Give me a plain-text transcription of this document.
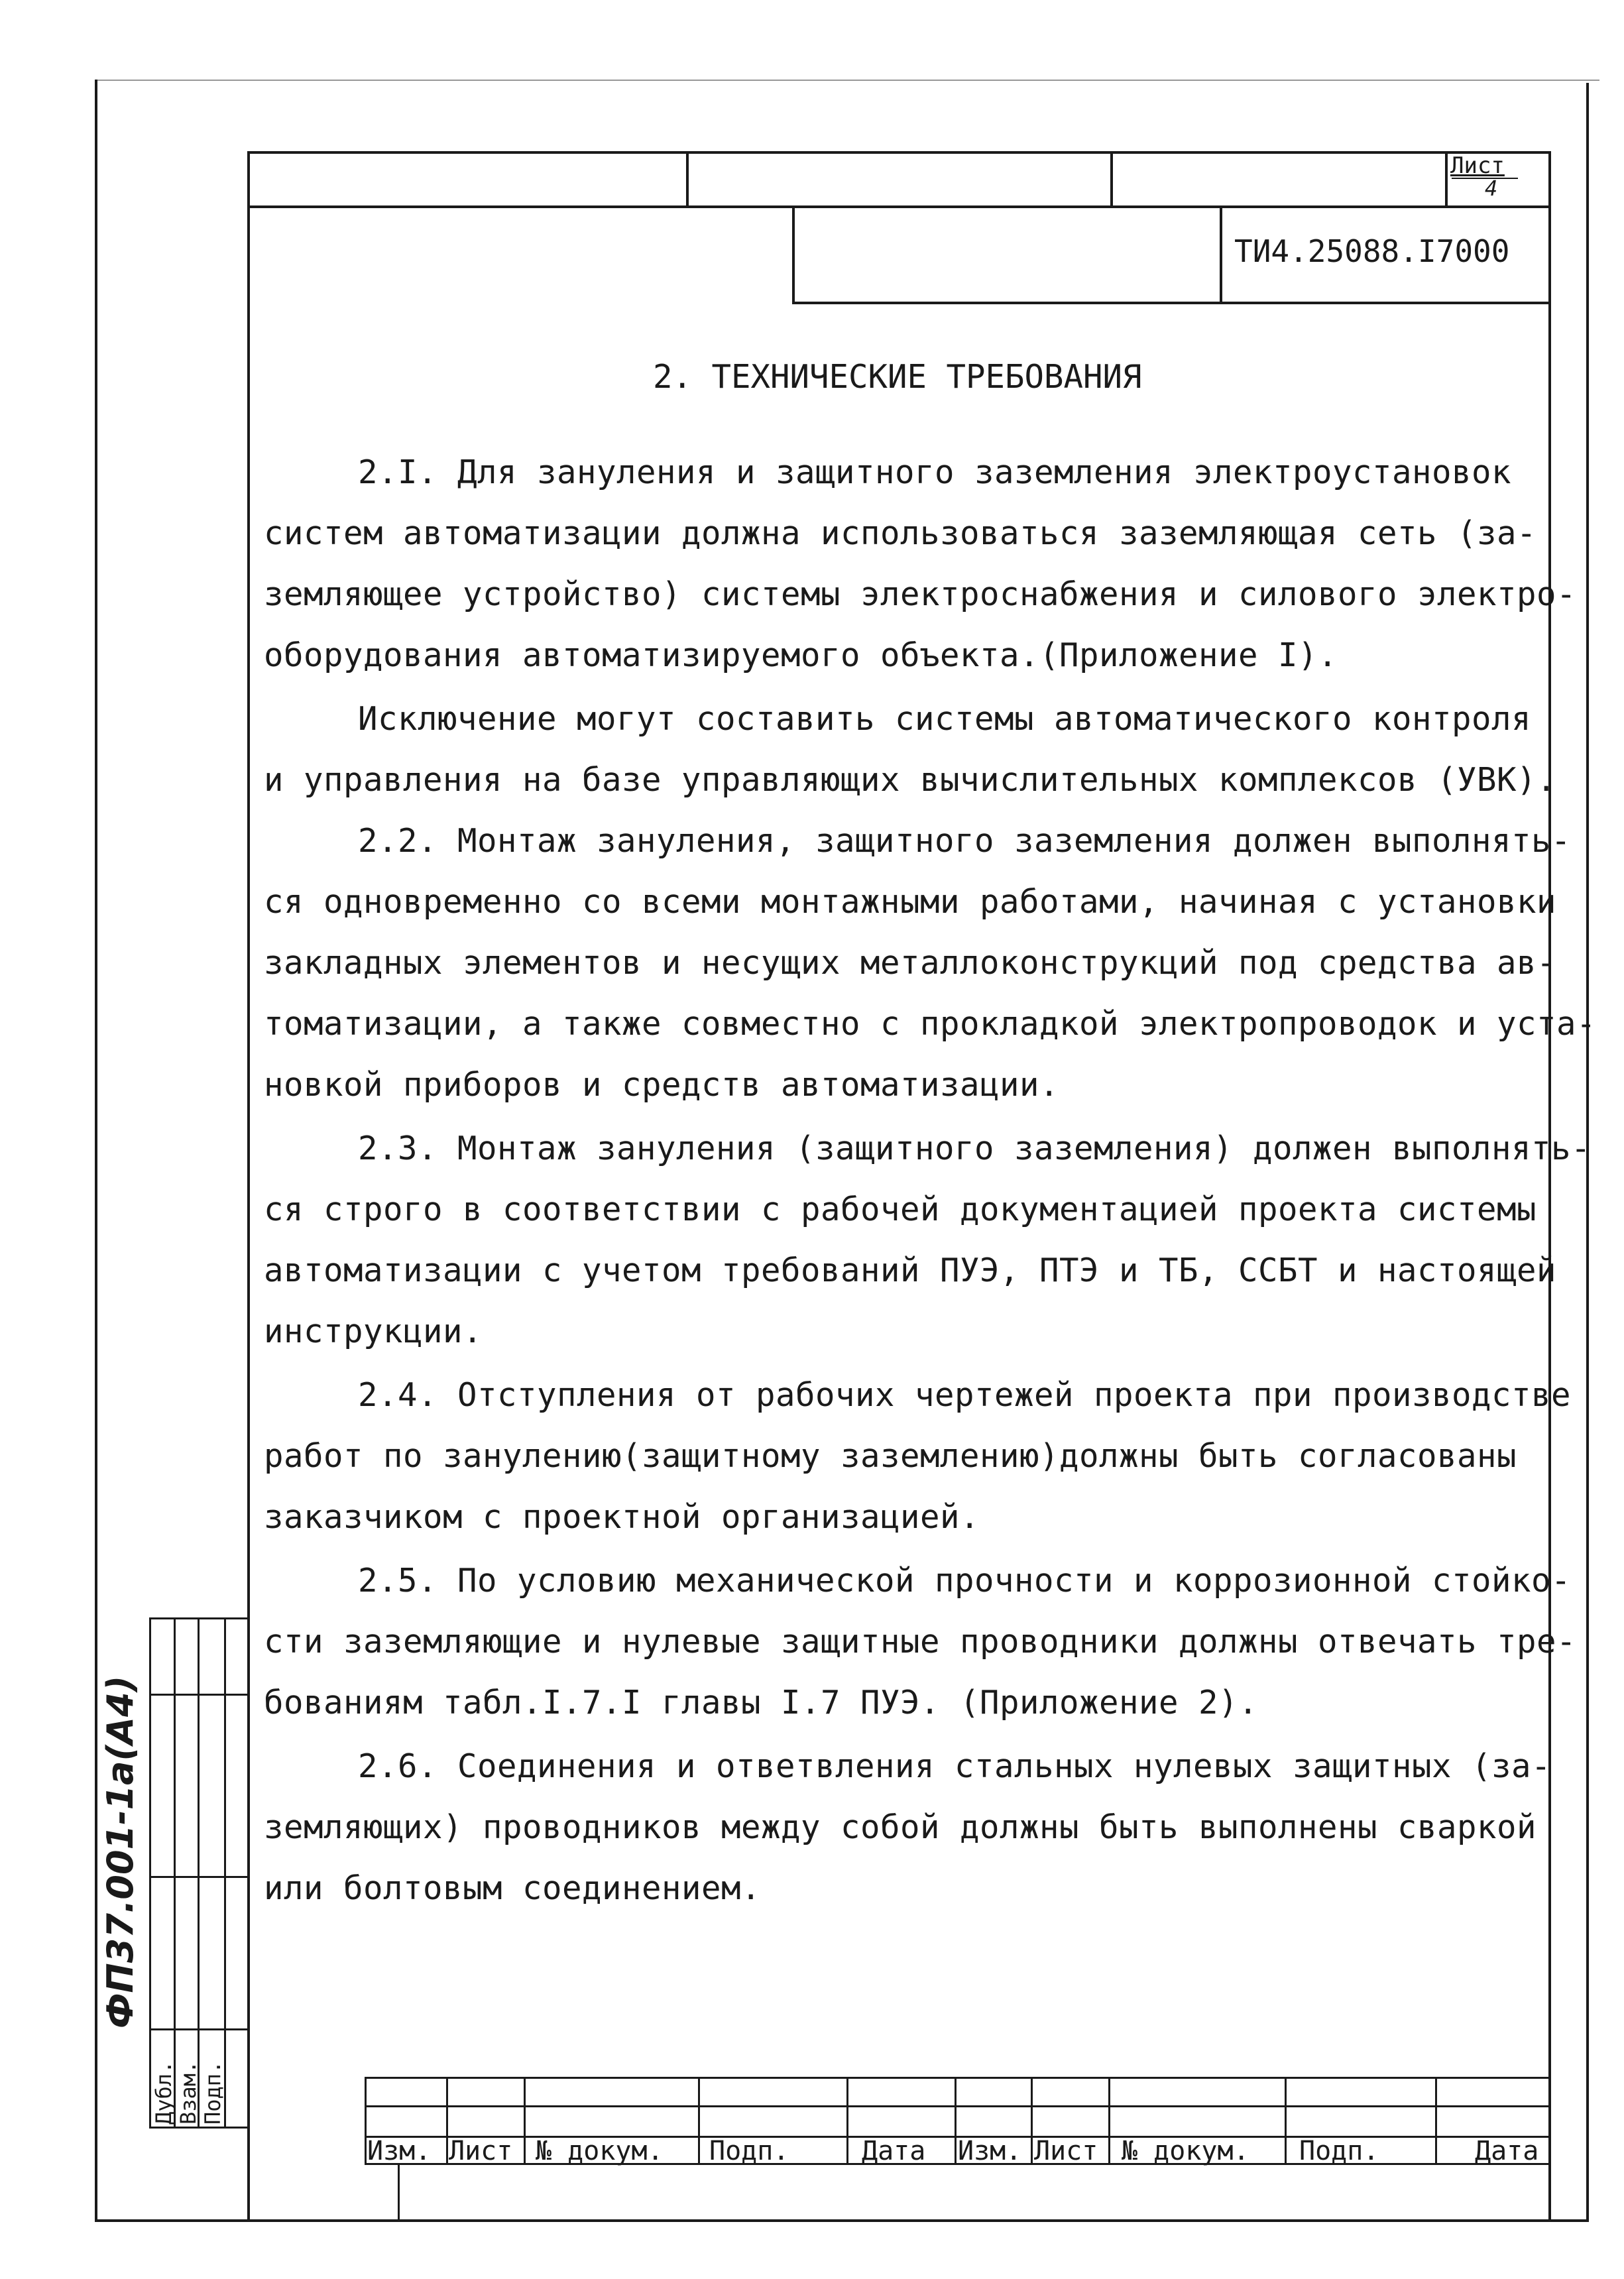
Лист
4
ТИ4.25088.I7000
2. ТЕХНИЧЕСКИЕ ТРЕБОВАНИЯ
2.I. Для зануления и защитного заземления электроустановок
систем автоматизации должна использоваться заземляющая сеть (за-
земляющее устройство) системы электроснабжения и силового электро-
оборудования автоматизируемого объекта.(Приложение I).
Исключение могут составить системы автоматического контроля
и управления на базе управляющих вычислительных комплексов (УВК).
2.2. Монтаж зануления, защитного заземления должен выполнять-
ся одновременно со всеми монтажными работами, начиная с установки
закладных элементов и несущих металлоконструкций под средства ав-
томатизации, а также совместно с прокладкой электропроводок и уста-
новкой приборов и средств автоматизации.
2.3. Монтаж зануления (защитного заземления) должен выполнять-
ся строго в соответствии с рабочей документацией проекта системы
автоматизации с учетом требований ПУЭ, ПТЭ и ТБ, ССБТ и настоящей
инструкции.
2.4. Отступления от рабочих чертежей проекта при производстве
работ по занулению(защитному заземлению)должны быть согласованы
заказчиком с проектной организацией.
2.5. По условию механической прочности и коррозионной стойко-
сти заземляющие и нулевые защитные проводники должны отвечать тре-
бованиям табл.I.7.I главы I.7 ПУЭ. (Приложение 2).
2.6. Соединения и ответвления стальных нулевых защитных (за-
земляющих) проводников между собой должны быть выполнены сваркой
или болтовым соединением.
Изм. Лист № докум. Подп.	Дата Изм. Лист № докум. Подп.	Дата
ФП37.001-1а(А4)
Дубл. Взам. Подп.
